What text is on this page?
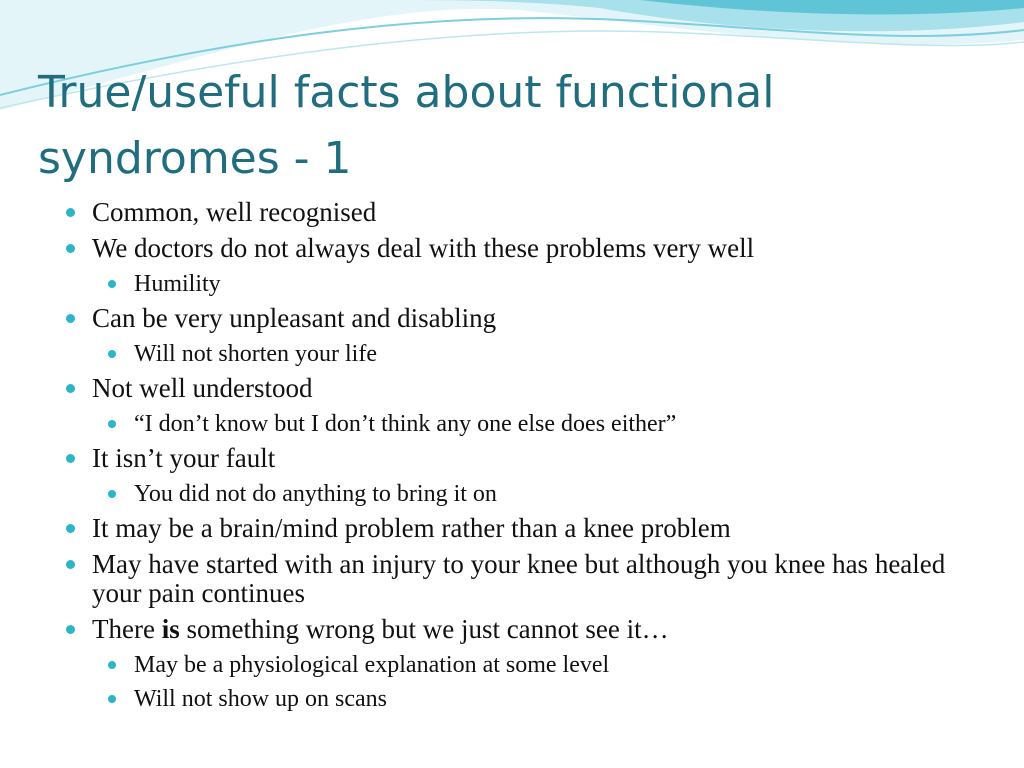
True/useful facts about functional syndromes - 1
Common, well recognised
We doctors do not always deal with these problems very well
Humility
Can be very unpleasant and disabling
Will not shorten your life
Not well understood
“I don’t know but I don’t think any one else does either”
It isn’t your fault
You did not do anything to bring it on
It may be a brain/mind problem rather than a knee problem
May have started with an injury to your knee but although you knee has healed your pain continues
There is something wrong but we just cannot see it…
May be a physiological explanation at some level
Will not show up on scans
